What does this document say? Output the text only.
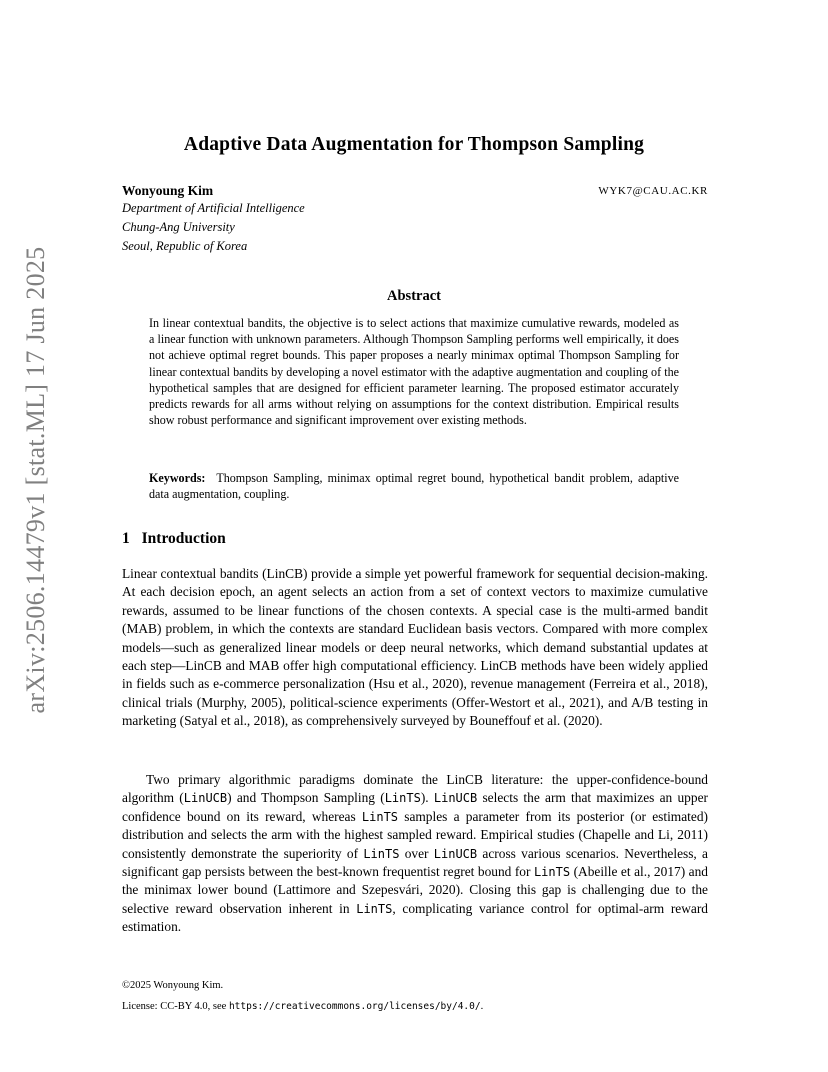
arXiv:2506.14479v1 [stat.ML] 17 Jun 2025
Adaptive Data Augmentation for Thompson Sampling
Wonyoung Kim	WYK7@CAU.AC.KR
Department of Artificial Intelligence
Chung-Ang University
Seoul, Republic of Korea
Abstract
In linear contextual bandits, the objective is to select actions that maximize cumulative rewards, modeled as a linear function with unknown parameters. Although Thompson Sampling performs well empirically, it does not achieve optimal regret bounds. This paper proposes a nearly minimax optimal Thompson Sampling for linear contextual bandits by developing a novel estimator with the adaptive augmentation and coupling of the hypothetical samples that are designed for efficient parameter learning. The proposed estimator accurately predicts rewards for all arms without relying on assumptions for the context distribution. Empirical results show robust performance and significant improvement over existing methods.
Keywords: Thompson Sampling, minimax optimal regret bound, hypothetical bandit problem, adaptive data augmentation, coupling.
1 Introduction
Linear contextual bandits (LinCB) provide a simple yet powerful framework for sequential decision-making. At each decision epoch, an agent selects an action from a set of context vectors to maximize cumulative rewards, assumed to be linear functions of the chosen contexts. A special case is the multi-armed bandit (MAB) problem, in which the contexts are standard Euclidean basis vectors. Compared with more complex models—such as generalized linear models or deep neural networks, which demand substantial updates at each step—LinCB and MAB offer high computational efficiency. LinCB methods have been widely applied in fields such as e-commerce personalization (Hsu et al., 2020), revenue management (Ferreira et al., 2018), clinical trials (Murphy, 2005), political-science experiments (Offer-Westort et al., 2021), and A/B testing in marketing (Satyal et al., 2018), as comprehensively surveyed by Bouneffouf et al. (2020).
Two primary algorithmic paradigms dominate the LinCB literature: the upper-confidence-bound algorithm (LinUCB) and Thompson Sampling (LinTS). LinUCB selects the arm that maximizes an upper confidence bound on its reward, whereas LinTS samples a parameter from its posterior (or estimated) distribution and selects the arm with the highest sampled reward. Empirical studies (Chapelle and Li, 2011) consistently demonstrate the superiority of LinTS over LinUCB across various scenarios. Nevertheless, a significant gap persists between the best-known frequentist regret bound for LinTS (Abeille et al., 2017) and the minimax lower bound (Lattimore and Szepesvári, 2020). Closing this gap is challenging due to the selective reward observation inherent in LinTS, complicating variance control for optimal-arm reward estimation.
©2025 Wonyoung Kim.
License: CC-BY 4.0, see https://creativecommons.org/licenses/by/4.0/.
